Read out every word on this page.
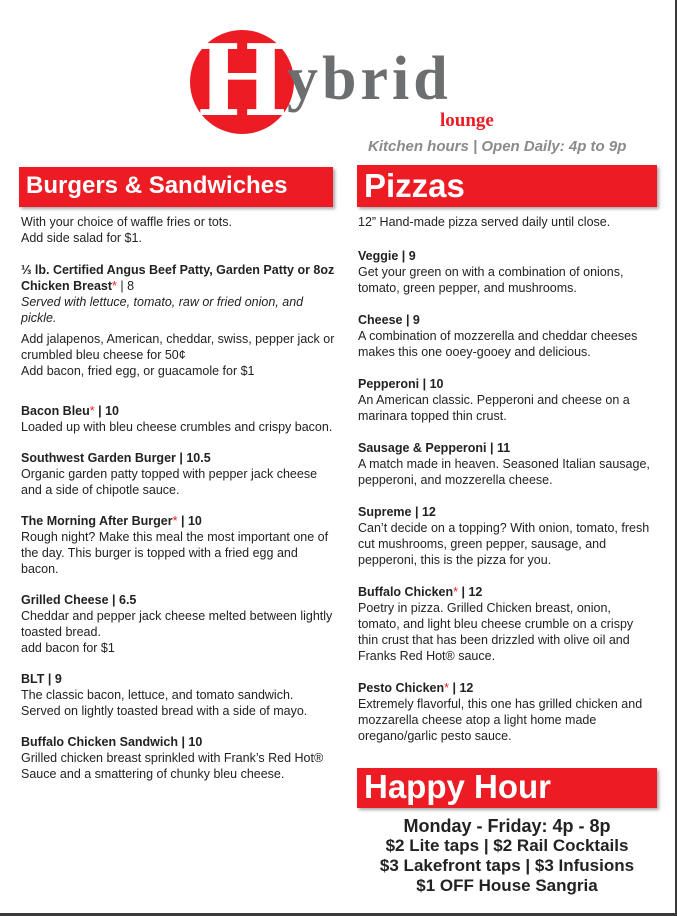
H
ybrid
lounge
Kitchen hours | Open Daily: 4p to 9p
Burgers & Sandwiches Pizzas
Happy Hour

With your choice of waffle fries or tots.
Add side salad for $1.

⅓ lb. Certified Angus Beef Patty, Garden Patty or 8oz Chicken Breast* | 8

Served with lettuce, tomato, raw or fried onion, and pickle.

Add jalapenos, American, cheddar, swiss, pepper jack or crumbled bleu cheese for 50¢

Add bacon, fried egg, or guacamole for $1

Bacon Bleu* | 10

Loaded up with bleu cheese crumbles and crispy bacon.

Southwest Garden Burger | 10.5

Organic garden patty topped with pepper jack cheese and a side of chipotle sauce.

The Morning After Burger* | 10

Rough night? Make this meal the most important one of the day. This burger is topped with a fried egg and bacon.

Grilled Cheese | 6.5

Cheddar and pepper jack cheese melted between lightly toasted bread.

add bacon for $1

BLT | 9

The classic bacon, lettuce, and tomato sandwich. Served on lightly toasted bread with a side of mayo.

Buffalo Chicken Sandwich | 10

Grilled chicken breast sprinkled with Frank’s Red Hot® Sauce and a smattering of chunky bleu cheese.

12” Hand-made pizza served daily until close.

Veggie | 9

Get your green on with a combination of onions, tomato, green pepper, and mushrooms.

Cheese | 9

A combination of mozzerella and cheddar cheeses makes this one ooey-gooey and delicious.

Pepperoni | 10

An American classic. Pepperoni and cheese on a marinara topped thin crust.

Sausage & Pepperoni | 11

A match made in heaven. Seasoned Italian sausage, pepperoni, and mozzerella cheese.

Supreme | 12

Can’t decide on a topping? With onion, tomato, fresh cut mushrooms, green pepper, sausage, and pepperoni, this is the pizza for you.

Buffalo Chicken* | 12

Poetry in pizza. Grilled Chicken breast, onion, tomato, and light bleu cheese crumble on a crispy thin crust that has been drizzled with olive oil and Franks Red Hot® sauce.

Pesto Chicken* | 12

Extremely flavorful, this one has grilled chicken and mozzarella cheese atop a light home made oregano/garlic pesto sauce.

Monday - Friday: 4p - 8p
$2 Lite taps | $2 Rail Cocktails
$3 Lakefront taps | $3 Infusions
$1 OFF House Sangria
